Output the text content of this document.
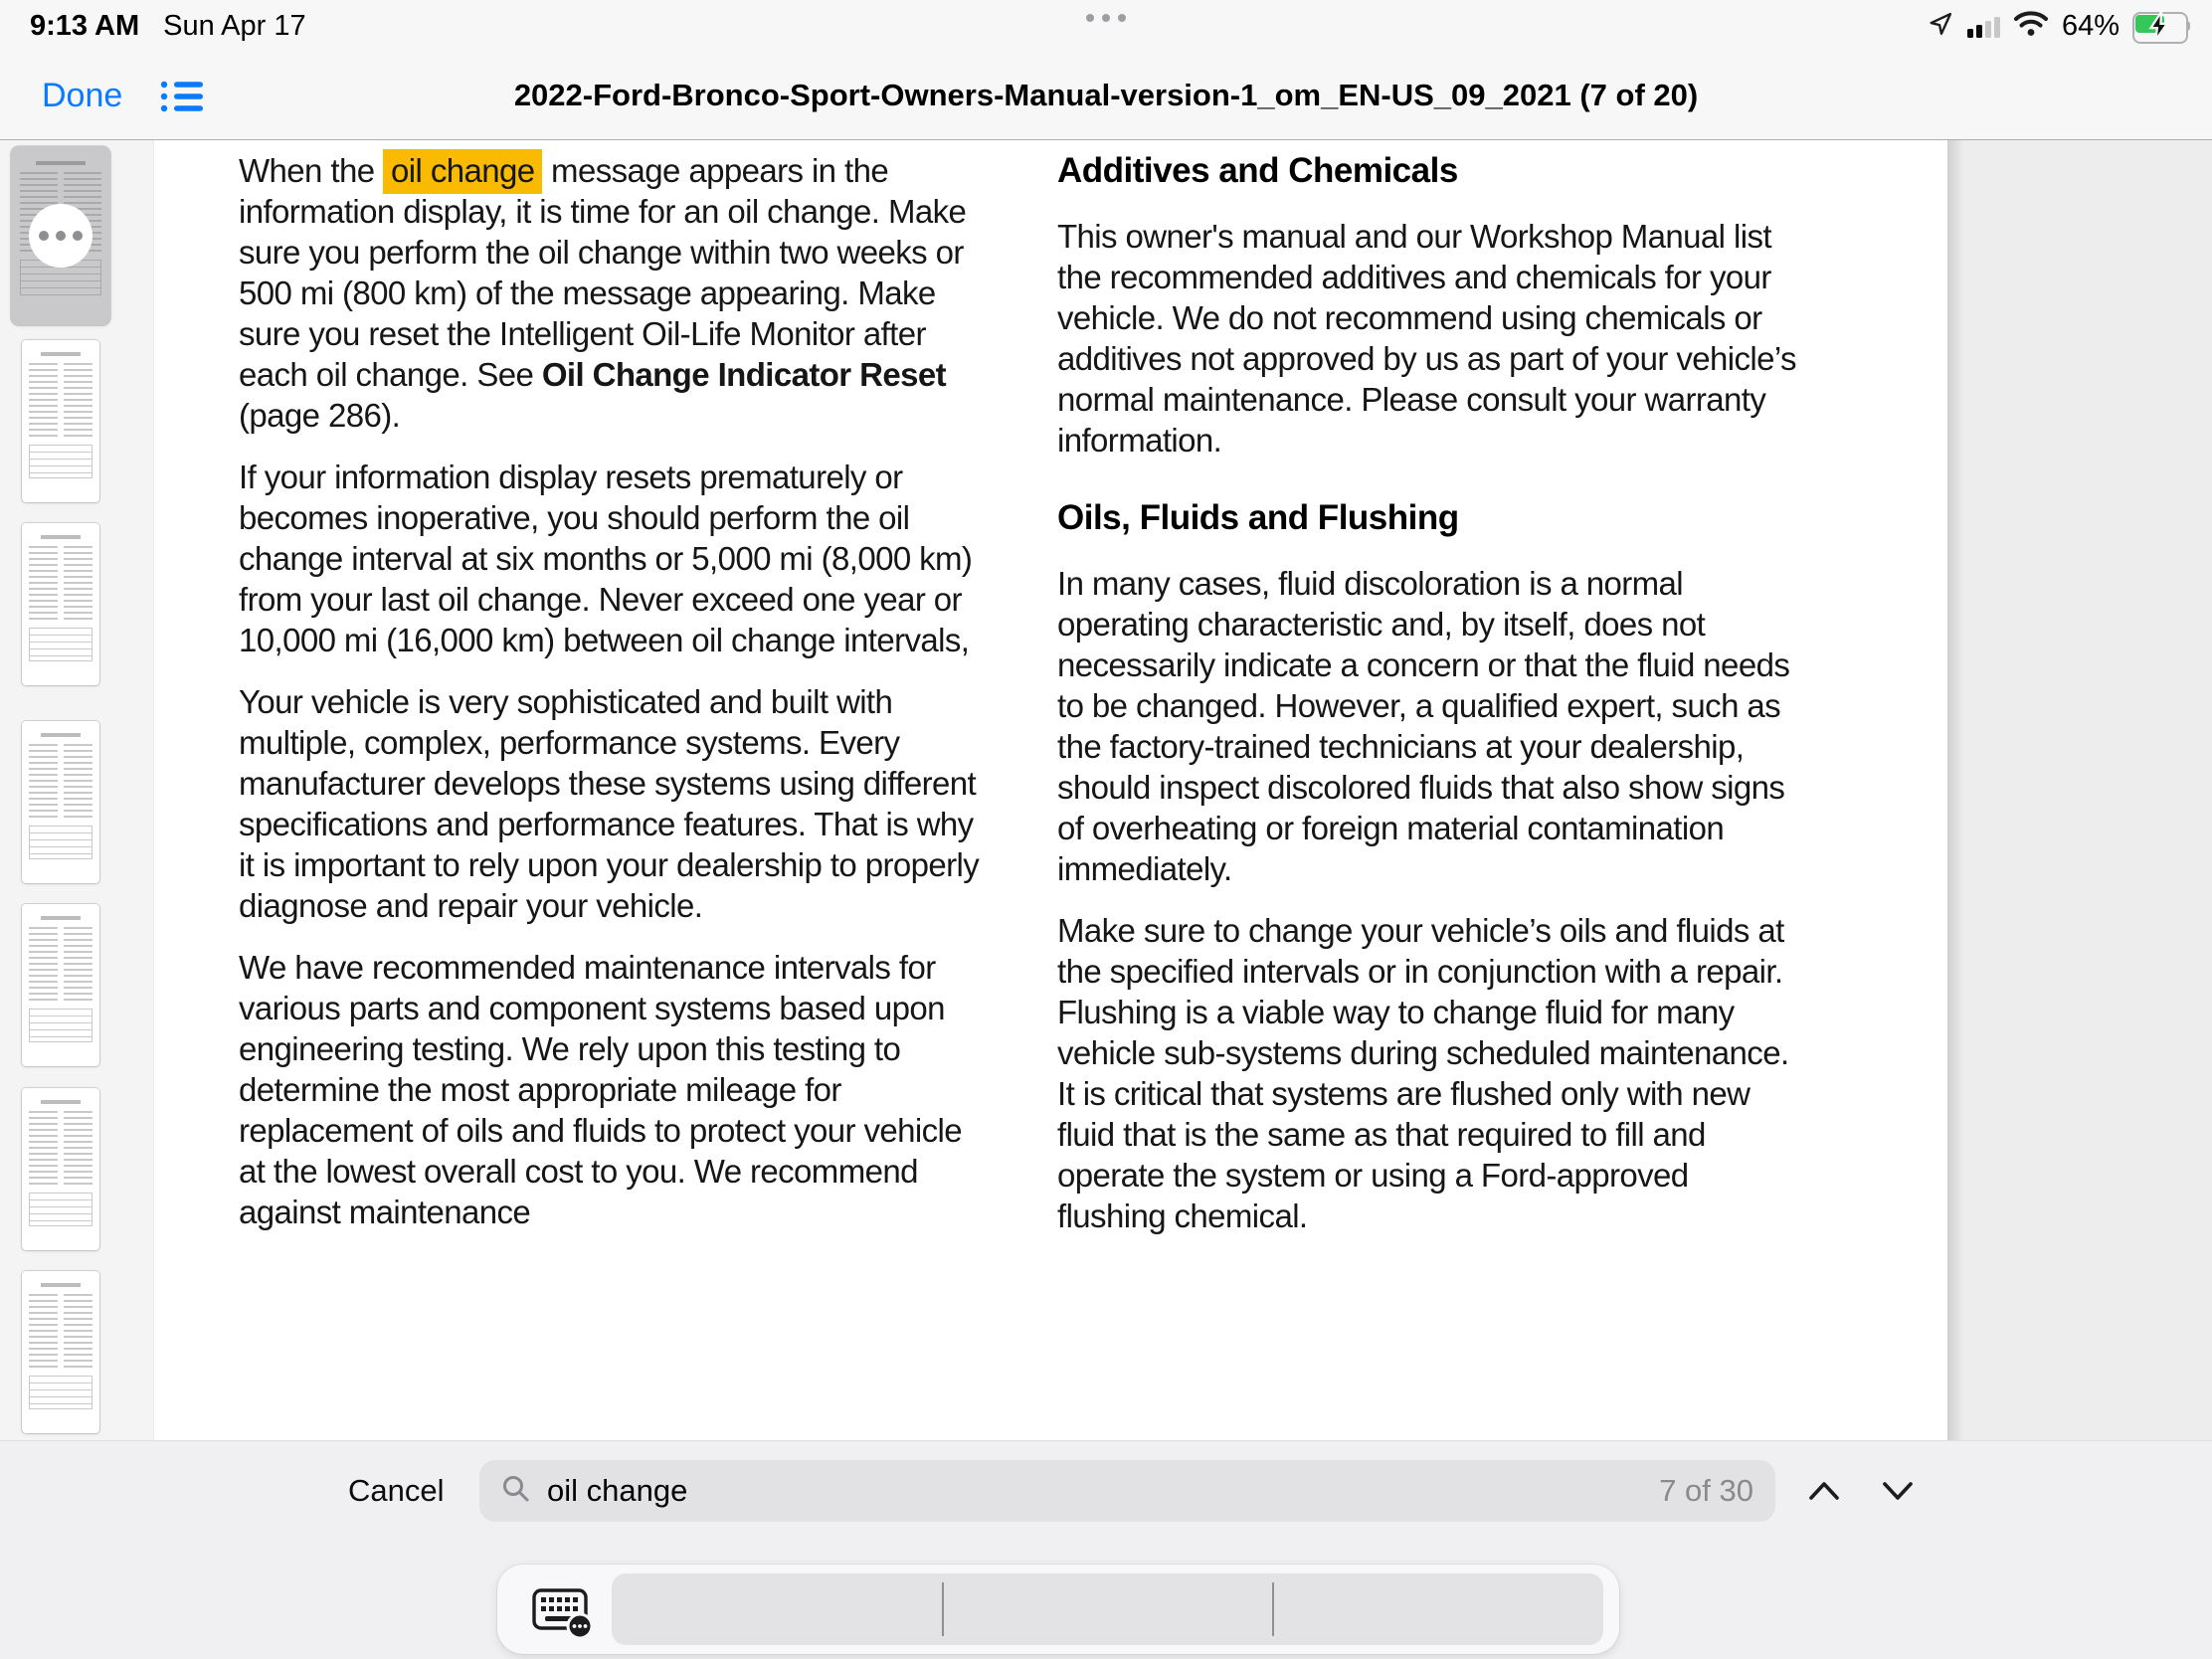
9:13 AM Sun Apr 17	64%
Done	2022-Ford-Bronco-Sport-Owners-Manual-version-1_om_EN-US_09_2021 (7 of 20)

When the oil change message appears in the information display, it is time for an oil change. Make sure you perform the oil change within two weeks or 500 mi (800 km) of the message appearing. Make sure you reset the Intelligent Oil-Life Monitor after each oil change. See Oil Change Indicator Reset (page 286).

If your information display resets prematurely or becomes inoperative, you should perform the oil change interval at six months or 5,000 mi (8,000 km) from your last oil change. Never exceed one year or 10,000 mi (16,000 km) between oil change intervals,

Your vehicle is very sophisticated and built with multiple, complex, performance systems. Every manufacturer develops these systems using different specifications and performance features. That is why it is important to rely upon your dealership to properly diagnose and repair your vehicle.

We have recommended maintenance intervals for various parts and component systems based upon engineering testing. We rely upon this testing to determine the most appropriate mileage for replacement of oils and fluids to protect your vehicle at the lowest overall cost to you. We recommend against maintenance

Additives and Chemicals

This owner's manual and our Workshop Manual list the recommended additives and chemicals for your vehicle. We do not recommend using chemicals or additives not approved by us as part of your vehicle’s normal maintenance. Please consult your warranty information.

Oils, Fluids and Flushing

In many cases, fluid discoloration is a normal operating characteristic and, by itself, does not necessarily indicate a concern or that the fluid needs to be changed. However, a qualified expert, such as the factory-trained technicians at your dealership, should inspect discolored fluids that also show signs of overheating or foreign material contamination immediately.

Make sure to change your vehicle’s oils and fluids at the specified intervals or in conjunction with a repair. Flushing is a viable way to change fluid for many vehicle sub-systems during scheduled maintenance. It is critical that systems are flushed only with new fluid that is the same as that required to fill and operate the system or using a Ford-approved flushing chemical.

Cancel
oil change	7 of 30
